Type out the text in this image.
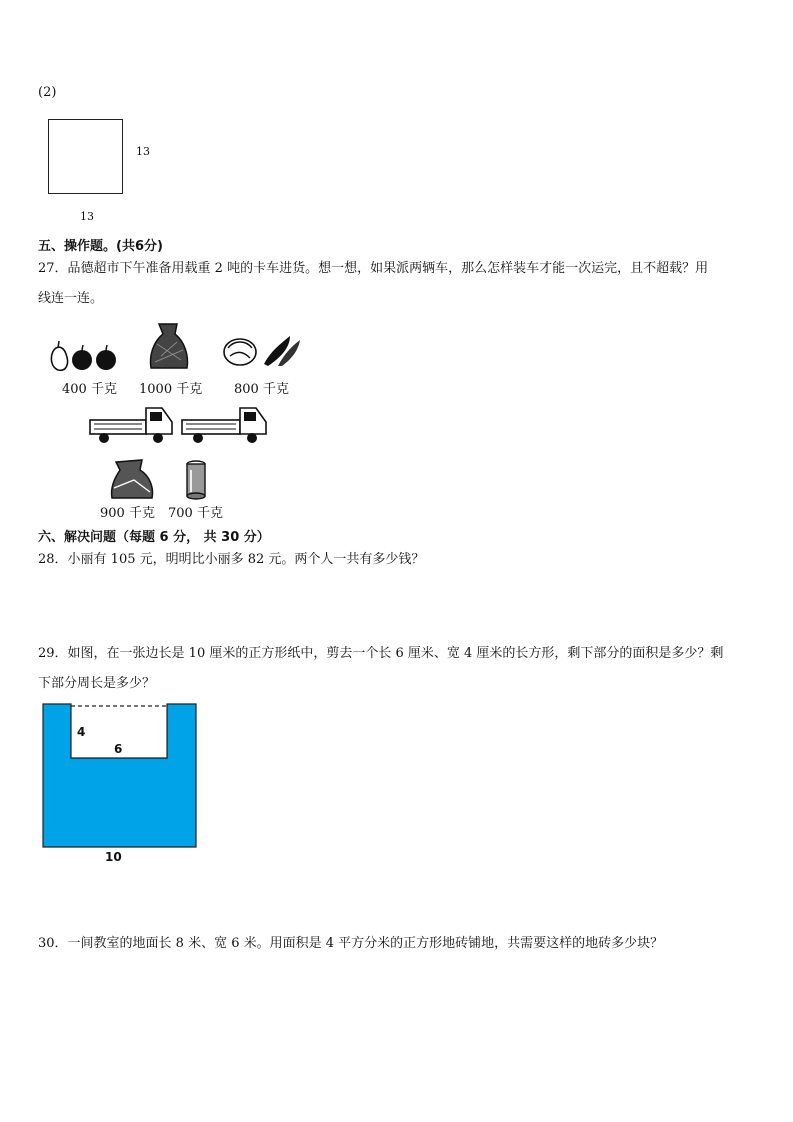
(2)
13
13
五、操作题。(共6分)
27．品德超市下午准备用载重 2 吨的卡车进货。想一想，如果派两辆车，那么怎样装车才能一次运完，且不超载？用
线连一连。
400 千克 1000 千克 800 千克
900 千克 700 千克
六、解决问题（每题 6 分， 共 30 分）
28．小丽有 105 元，明明比小丽多 82 元。两个人一共有多少钱？
29．如图，在一张边长是 10 厘米的正方形纸中，剪去一个长 6 厘米、宽 4 厘米的长方形，剩下部分的面积是多少？剩
下部分周长是多少？
4
6
10
30．一间教室的地面长 8 米、宽 6 米。用面积是 4 平方分米的正方形地砖铺地，共需要这样的地砖多少块？
